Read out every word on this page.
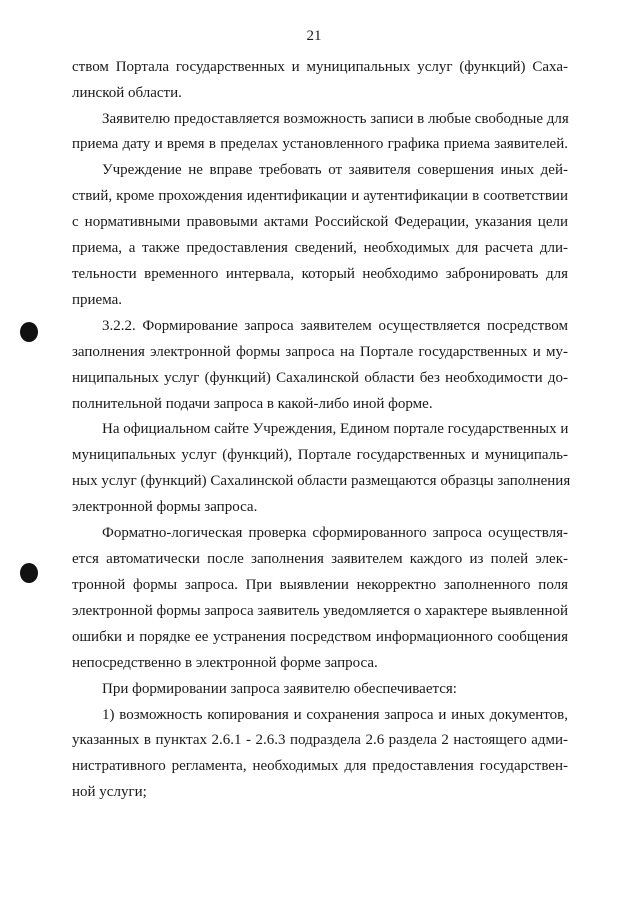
21
ством Портала государственных и муниципальных услуг (функций) Саха-
линской области.
Заявителю предоставляется возможность записи в любые свободные для
приема дату и время в пределах установленного графика приема заявителей.
Учреждение не вправе требовать от заявителя совершения иных дей-
ствий, кроме прохождения идентификации и аутентификации в соответствии
с нормативными правовыми актами Российской Федерации, указания цели
приема, а также предоставления сведений, необходимых для расчета дли-
тельности временного интервала, который необходимо забронировать для
приема.
3.2.2. Формирование запроса заявителем осуществляется посредством
заполнения электронной формы запроса на Портале государственных и му-
ниципальных услуг (функций) Сахалинской области без необходимости до-
полнительной подачи запроса в какой-либо иной форме.
На официальном сайте Учреждения, Едином портале государственных и
муниципальных услуг (функций), Портале государственных и муниципаль-
ных услуг (функций) Сахалинской области размещаются образцы заполнения
электронной формы запроса.
Форматно-логическая проверка сформированного запроса осуществля-
ется автоматически после заполнения заявителем каждого из полей элек-
тронной формы запроса. При выявлении некорректно заполненного поля
электронной формы запроса заявитель уведомляется о характере выявленной
ошибки и порядке ее устранения посредством информационного сообщения
непосредственно в электронной форме запроса.
При формировании запроса заявителю обеспечивается:
1) возможность копирования и сохранения запроса и иных документов,
указанных в пунктах 2.6.1 - 2.6.3 подраздела 2.6 раздела 2 настоящего адми-
нистративного регламента, необходимых для предоставления государствен-
ной услуги;
